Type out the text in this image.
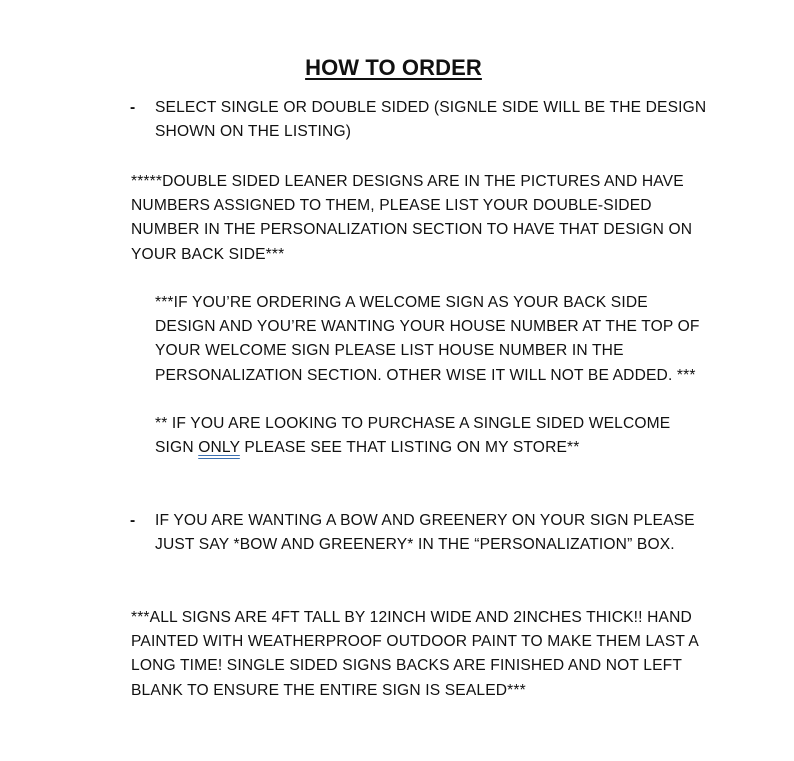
HOW TO ORDER
- SELECT SINGLE OR DOUBLE SIDED (SIGNLE SIDE WILL BE THE DESIGN SHOWN ON THE LISTING)
*****DOUBLE SIDED LEANER DESIGNS ARE IN THE PICTURES AND HAVE NUMBERS ASSIGNED TO THEM, PLEASE LIST YOUR DOUBLE-SIDED NUMBER IN THE PERSONALIZATION SECTION TO HAVE THAT DESIGN ON YOUR BACK SIDE***
***IF YOU’RE ORDERING A WELCOME SIGN AS YOUR BACK SIDE DESIGN AND YOU’RE WANTING YOUR HOUSE NUMBER AT THE TOP OF YOUR WELCOME SIGN PLEASE LIST HOUSE NUMBER IN THE PERSONALIZATION SECTION. OTHER WISE IT WILL NOT BE ADDED. ***
** IF YOU ARE LOOKING TO PURCHASE A SINGLE SIDED WELCOME SIGN ONLY PLEASE SEE THAT LISTING ON MY STORE**
- IF YOU ARE WANTING A BOW AND GREENERY ON YOUR SIGN PLEASE JUST SAY *BOW AND GREENERY* IN THE “PERSONALIZATION” BOX.
***ALL SIGNS ARE 4FT TALL BY 12INCH WIDE AND 2INCHES THICK!! HAND PAINTED WITH WEATHERPROOF OUTDOOR PAINT TO MAKE THEM LAST A LONG TIME! SINGLE SIDED SIGNS BACKS ARE FINISHED AND NOT LEFT BLANK TO ENSURE THE ENTIRE SIGN IS SEALED***
